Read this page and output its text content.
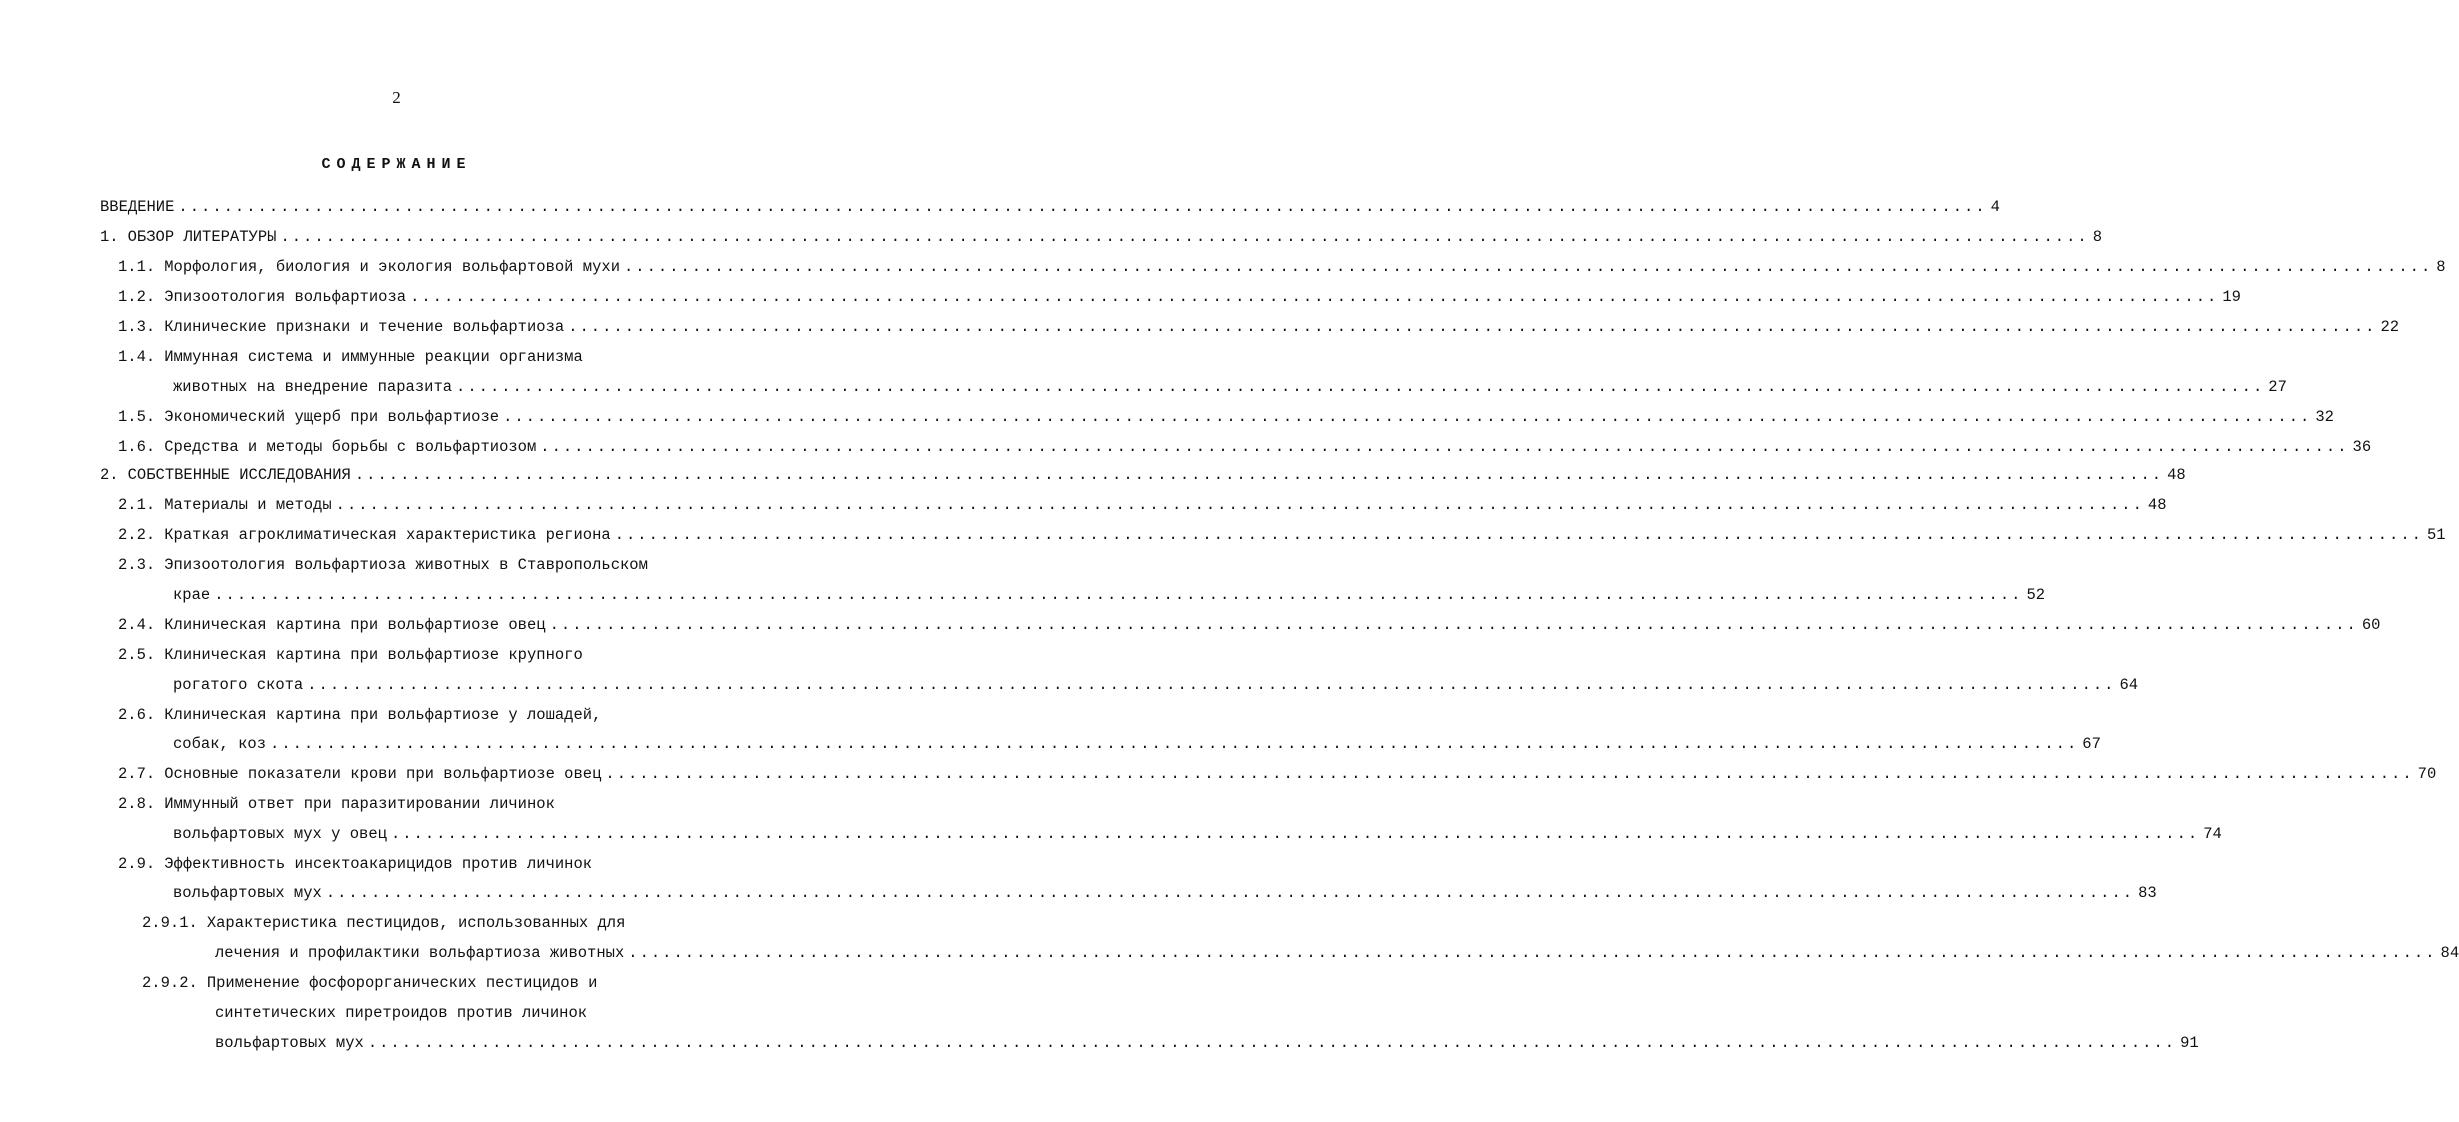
2
СОДЕРЖАНИЕ
ВВЕДЕНИЕ ................................................................................................................................................................ 4
1. ОБЗОР ЛИТЕРАТУРЫ ................................................................................................................................................................ 8
1.1. Морфология, биология и экология вольфартовой мухи ................................................................................................................................................................ 8
1.2. Эпизоотология вольфартиоза ................................................................................................................................................................ 19
1.3. Клинические признаки и течение вольфартиоза ................................................................................................................................................................ 22
1.4. Иммунная система и иммунные реакции организма
животных на внедрение паразита ................................................................................................................................................................ 27
1.5. Экономический ущерб при вольфартиозе ................................................................................................................................................................ 32
1.6. Средства и методы борьбы с вольфартиозом ................................................................................................................................................................ 36
2. СОБСТВЕННЫЕ ИССЛЕДОВАНИЯ ................................................................................................................................................................ 48
2.1. Материалы и методы ................................................................................................................................................................ 48
2.2. Краткая агроклиматическая характеристика региона ................................................................................................................................................................ 51
2.3. Эпизоотология вольфартиоза животных в Ставропольском
крае ................................................................................................................................................................ 52
2.4. Клиническая картина при вольфартиозе овец ................................................................................................................................................................ 60
2.5. Клиническая картина при вольфартиозе крупного
рогатого скота ................................................................................................................................................................ 64
2.6. Клиническая картина при вольфартиозе у лошадей,
собак, коз ................................................................................................................................................................ 67
2.7. Основные показатели крови при вольфартиозе овец ................................................................................................................................................................ 70
2.8. Иммунный ответ при паразитировании личинок
вольфартовых мух у овец ................................................................................................................................................................ 74
2.9. Эффективность инсектоакарицидов против личинок
вольфартовых мух ................................................................................................................................................................ 83
2.9.1. Характеристика пестицидов, использованных для
лечения и профилактики вольфартиоза животных ................................................................................................................................................................ 84
2.9.2. Применение фосфорорганических пестицидов и
синтетических пиретроидов против личинок
вольфартовых мух ................................................................................................................................................................ 91
